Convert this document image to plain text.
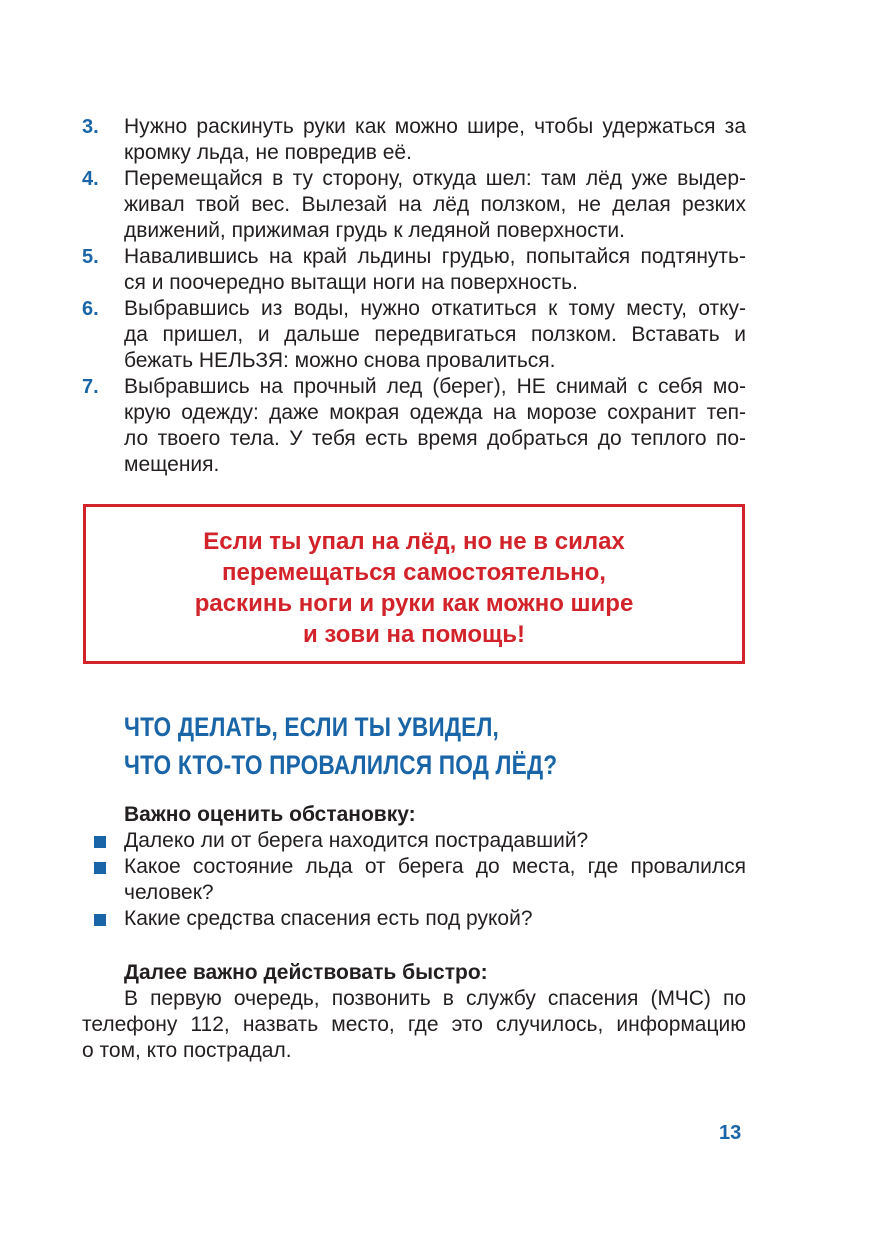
3. Нужно раскинуть руки как можно шире, чтобы удержаться за
кромку льда, не повредив её.
4. Перемещайся в ту сторону, откуда шел: там лёд уже выдер-
живал твой вес. Вылезай на лёд ползком, не делая резких
движений, прижимая грудь к ледяной поверхности.
5. Навалившись на край льдины грудью, попытайся подтянуть-
ся и поочередно вытащи ноги на поверхность.
6. Выбравшись из воды, нужно откатиться к тому месту, отку-
да пришел, и дальше передвигаться ползком. Вставать и
бежать НЕЛЬЗЯ: можно снова провалиться.
7. Выбравшись на прочный лед (берег), НЕ снимай с себя мо-
крую одежду: даже мокрая одежда на морозе сохранит теп-
ло твоего тела. У тебя есть время добраться до теплого по-
мещения.
Если ты упал на лёд, но не в силах
перемещаться самостоятельно,
раскинь ноги и руки как можно шире
и зови на помощь!
ЧТО ДЕЛАТЬ, ЕСЛИ ТЫ УВИДЕЛ,
ЧТО КТО-ТО ПРОВАЛИЛСЯ ПОД ЛЁД?
Важно оценить обстановку:
Далеко ли от берега находится пострадавший?
Какое состояние льда от берега до места, где провалился
человек?
Какие средства спасения есть под рукой?
Далее важно действовать быстро:
В первую очередь, позвонить в службу спасения (МЧС) по
телефону 112, назвать место, где это случилось, информацию
о том, кто пострадал.
13
